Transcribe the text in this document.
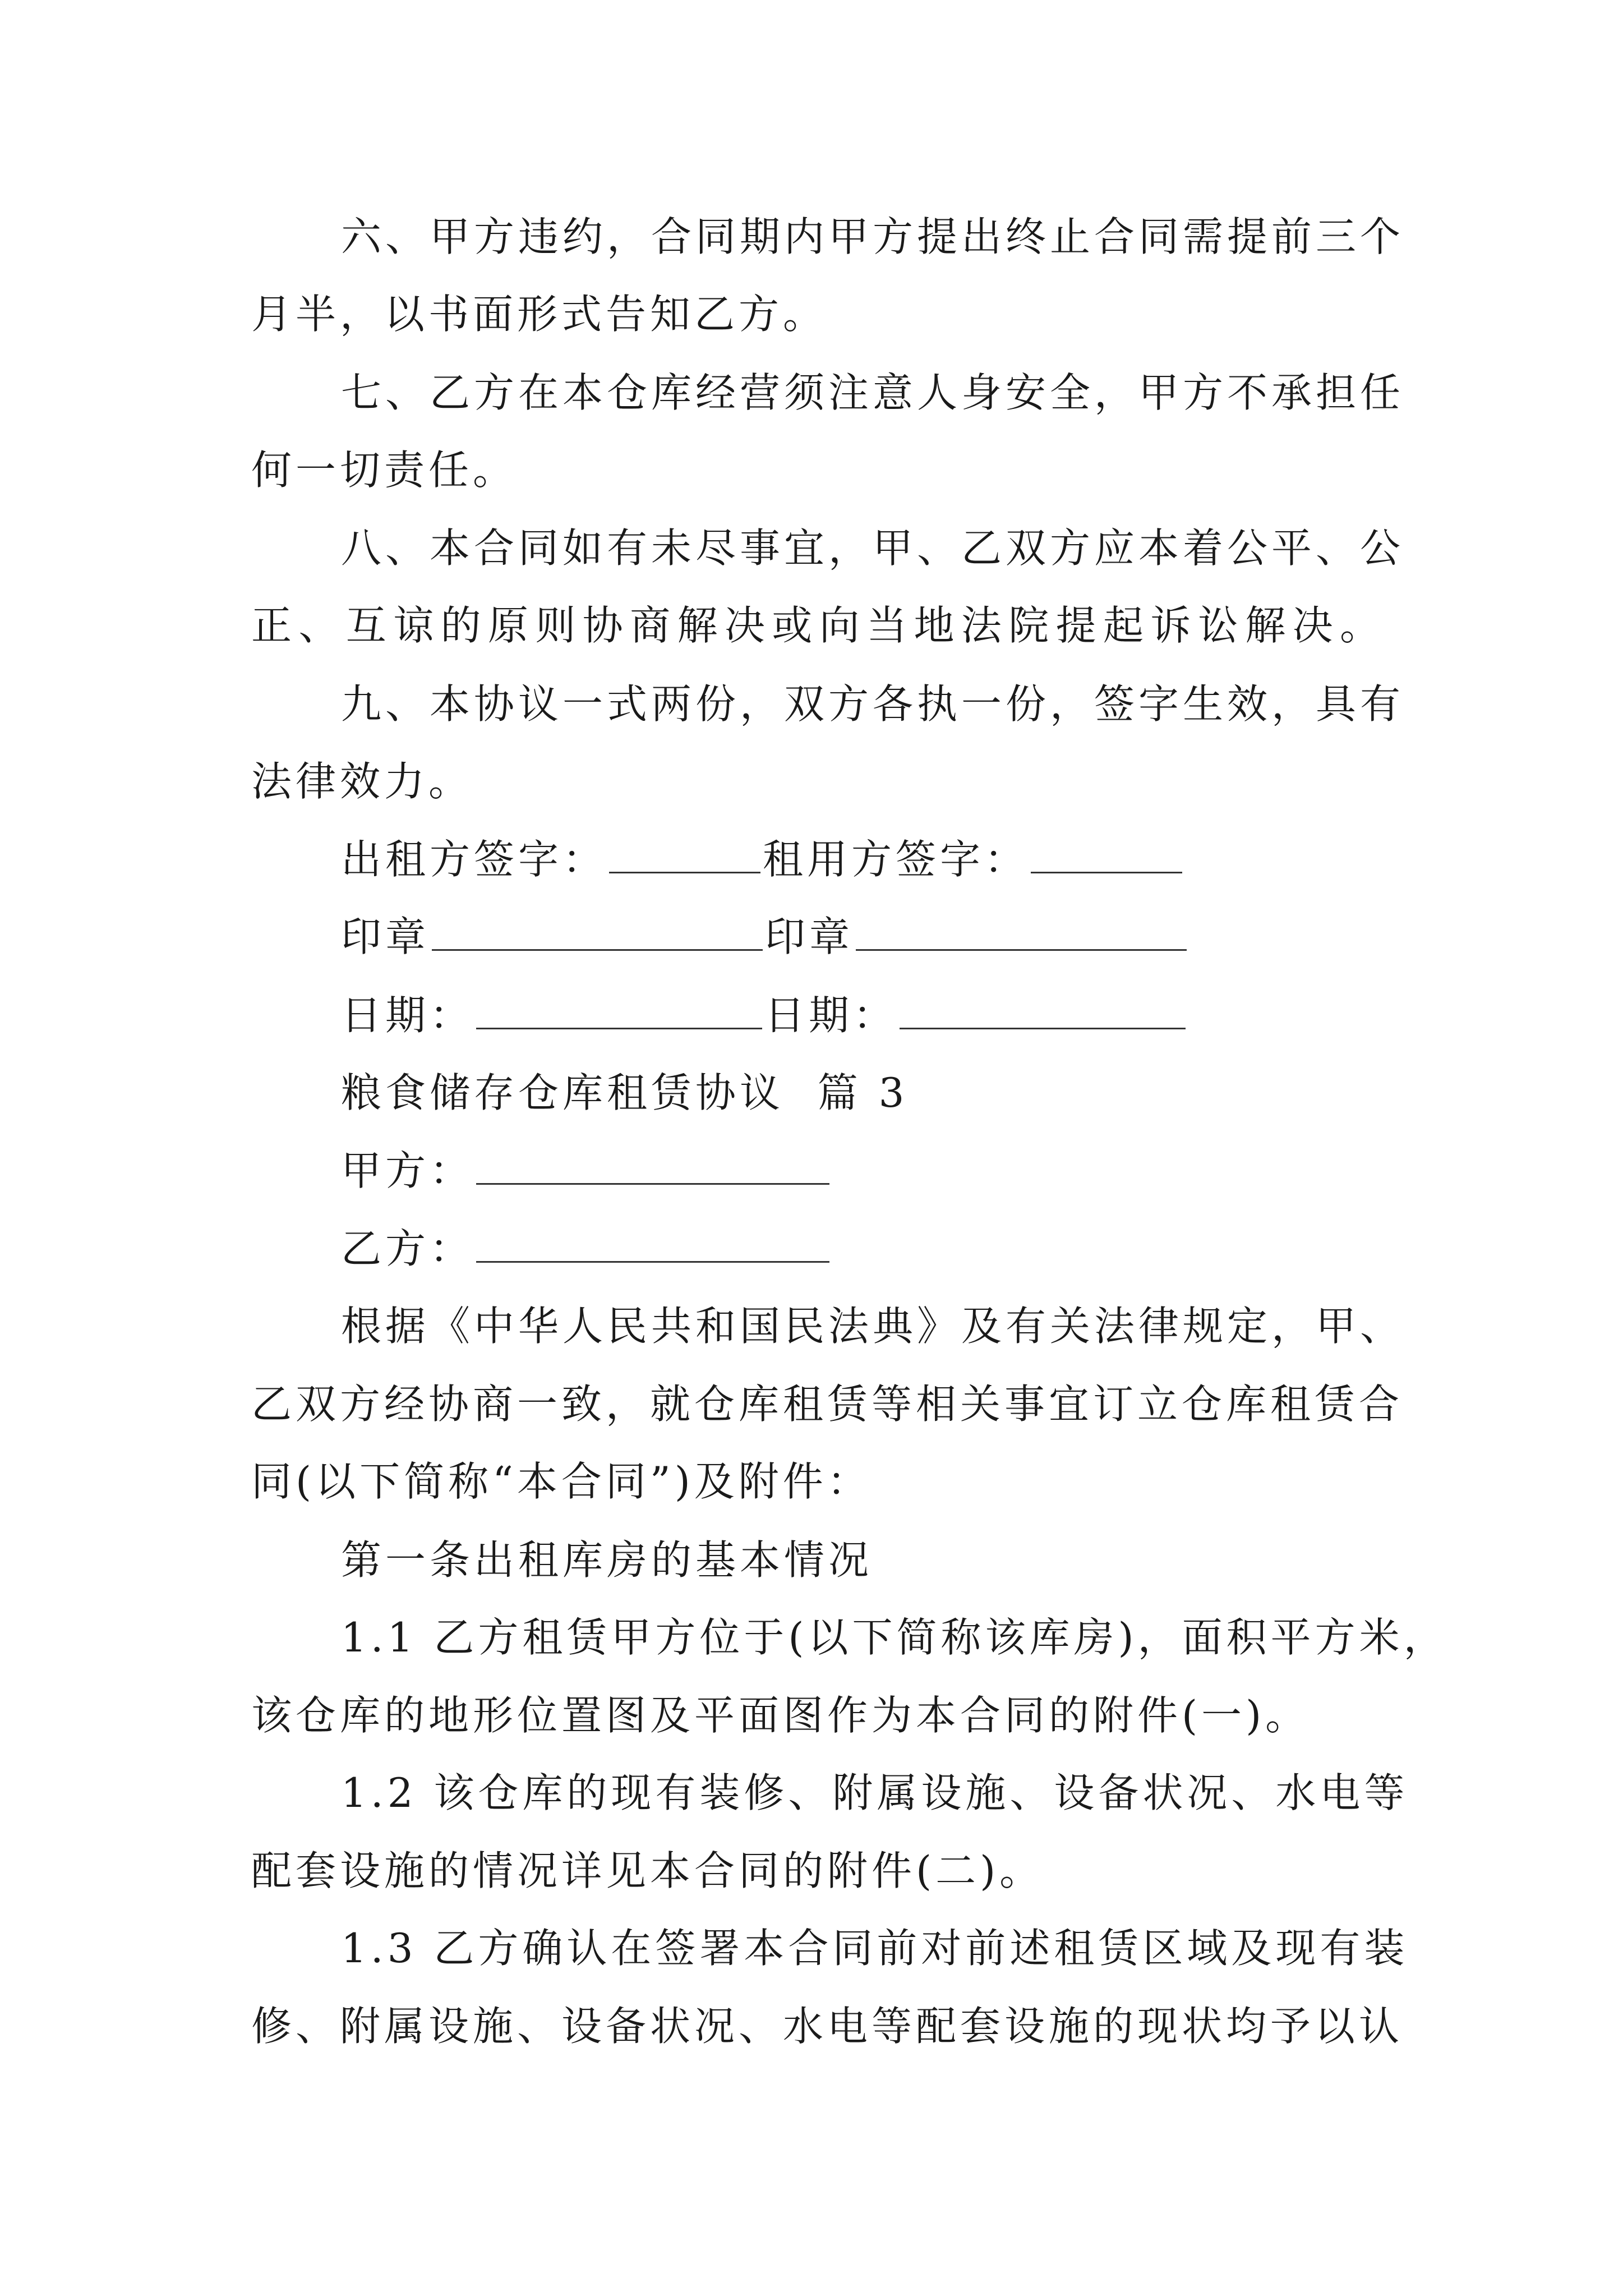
六、甲方违约，合同期内甲方提出终止合同需提前三个
月半，以书面形式告知乙方。
七、乙方在本仓库经营须注意人身安全，甲方不承担任
何一切责任。
八、本合同如有未尽事宜，甲、乙双方应本着公平、公
正、互谅的原则协商解决或向当地法院提起诉讼解决。
九、本协议一式两份，双方各执一份，签字生效，具有
法律效力。
出租方签字：	租用方签字：
印章	印章
日期：	日期：
粮食储存仓库租赁协议  篇 3
甲方：
乙方：
根据《中华人民共和国民法典》及有关法律规定，甲、
乙双方经协商一致，就仓库租赁等相关事宜订立仓库租赁合
同(以下简称“本合同”)及附件：
第一条出租库房的基本情况
1.1 乙方租赁甲方位于(以下简称该库房)，面积平方米，
该仓库的地形位置图及平面图作为本合同的附件(一)。
1.2 该仓库的现有装修、附属设施、设备状况、水电等
配套设施的情况详见本合同的附件(二)。
1.3 乙方确认在签署本合同前对前述租赁区域及现有装
修、附属设施、设备状况、水电等配套设施的现状均予以认
